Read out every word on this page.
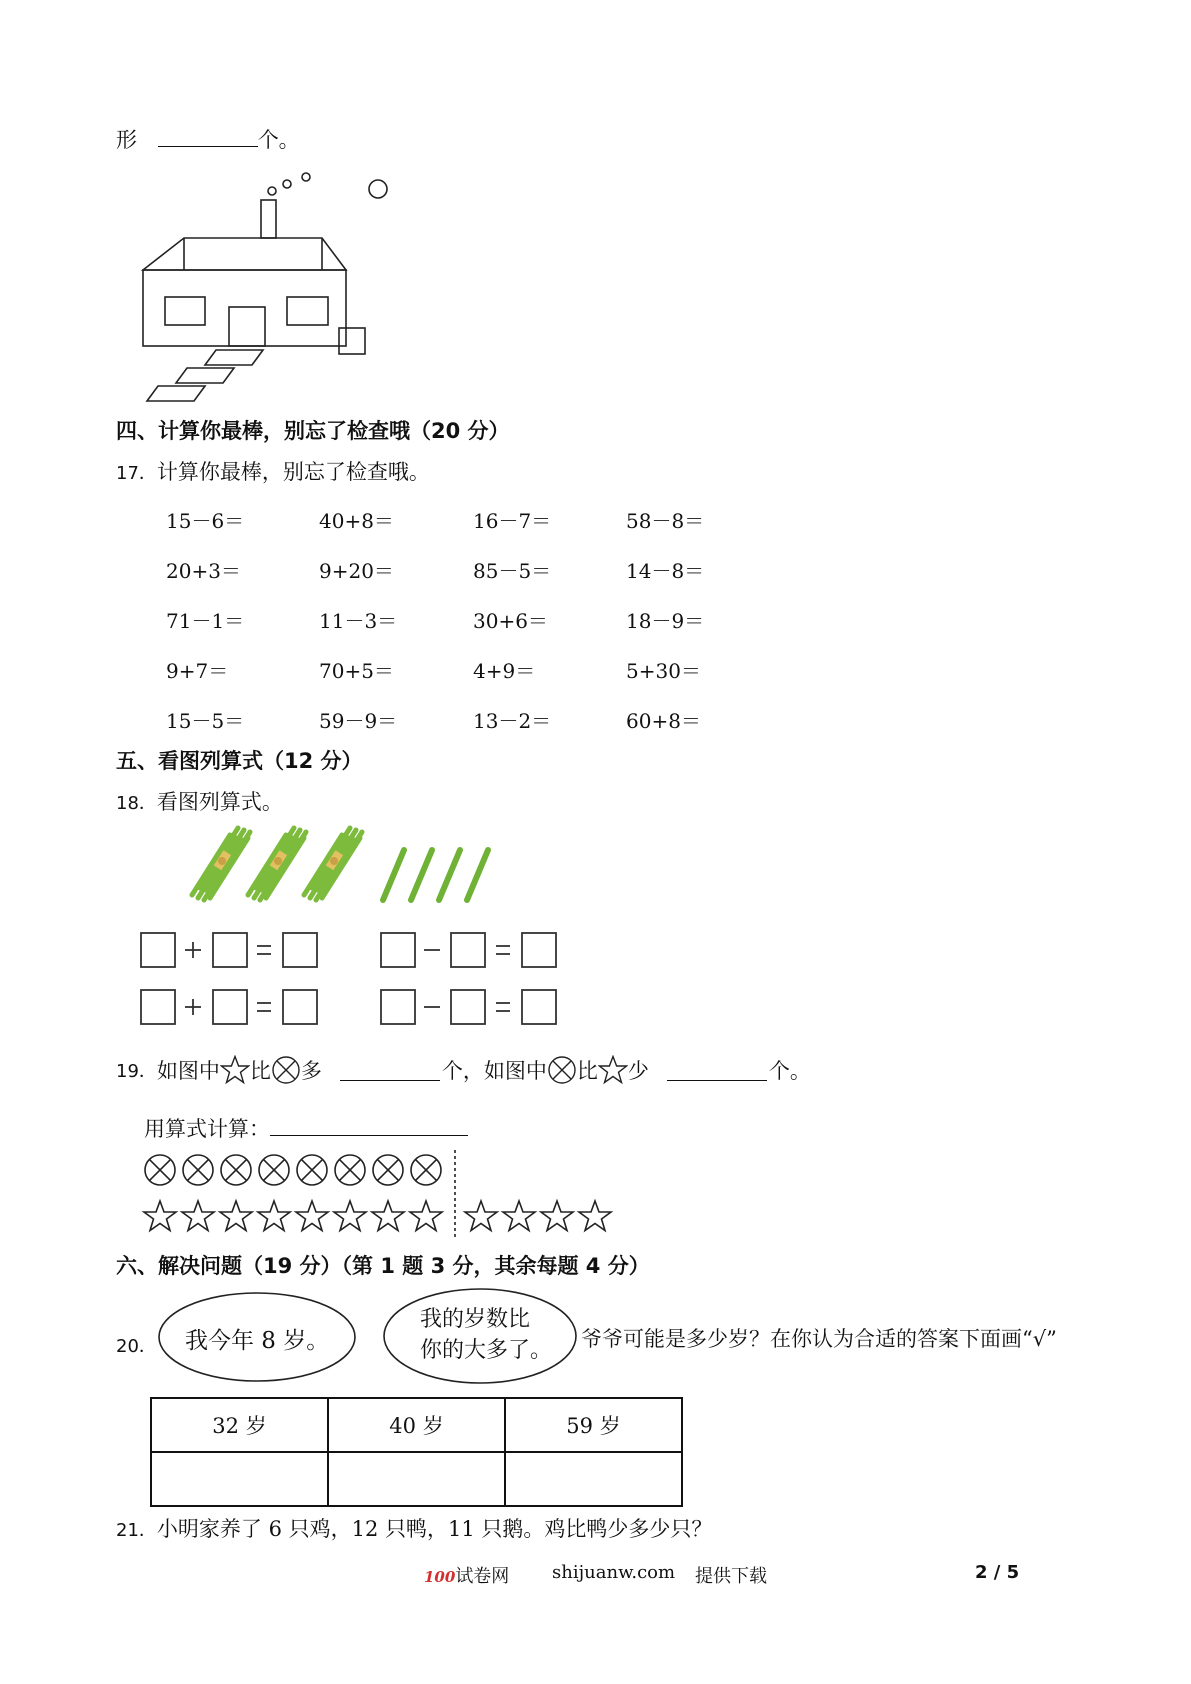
形	个。
四、计算你最棒，别忘了检查哦（20 分）
17．计算你最棒，别忘了检查哦。
15－6＝	40+8＝	16－7＝	58－8＝
20+3＝	9+20＝	85－5＝	14－8＝
71－1＝	11－3＝	30+6＝	18－9＝
9+7＝	70+5＝	4+9＝	5+30＝
15－5＝	59－9＝	13－2＝	60+8＝
五、看图列算式（12 分）
18．看图列算式。
19． 如图中 比 多	个，如图中 比 少	个。
用算式计算：
六、解决问题（19 分）（第 1 题 3 分，其余每题 4 分）
20． 我今年 8 岁。
我的岁数比
你的大多了。 爷爷可能是多少岁？在你认为合适的答案下面画“√”
32 岁	40 岁	59 岁

21．小明家养了 6 只鸡，12 只鸭，11 只鹅。鸡比鸭少多少只？
100试卷网 shijuanw.com 提供下载	2 / 5
